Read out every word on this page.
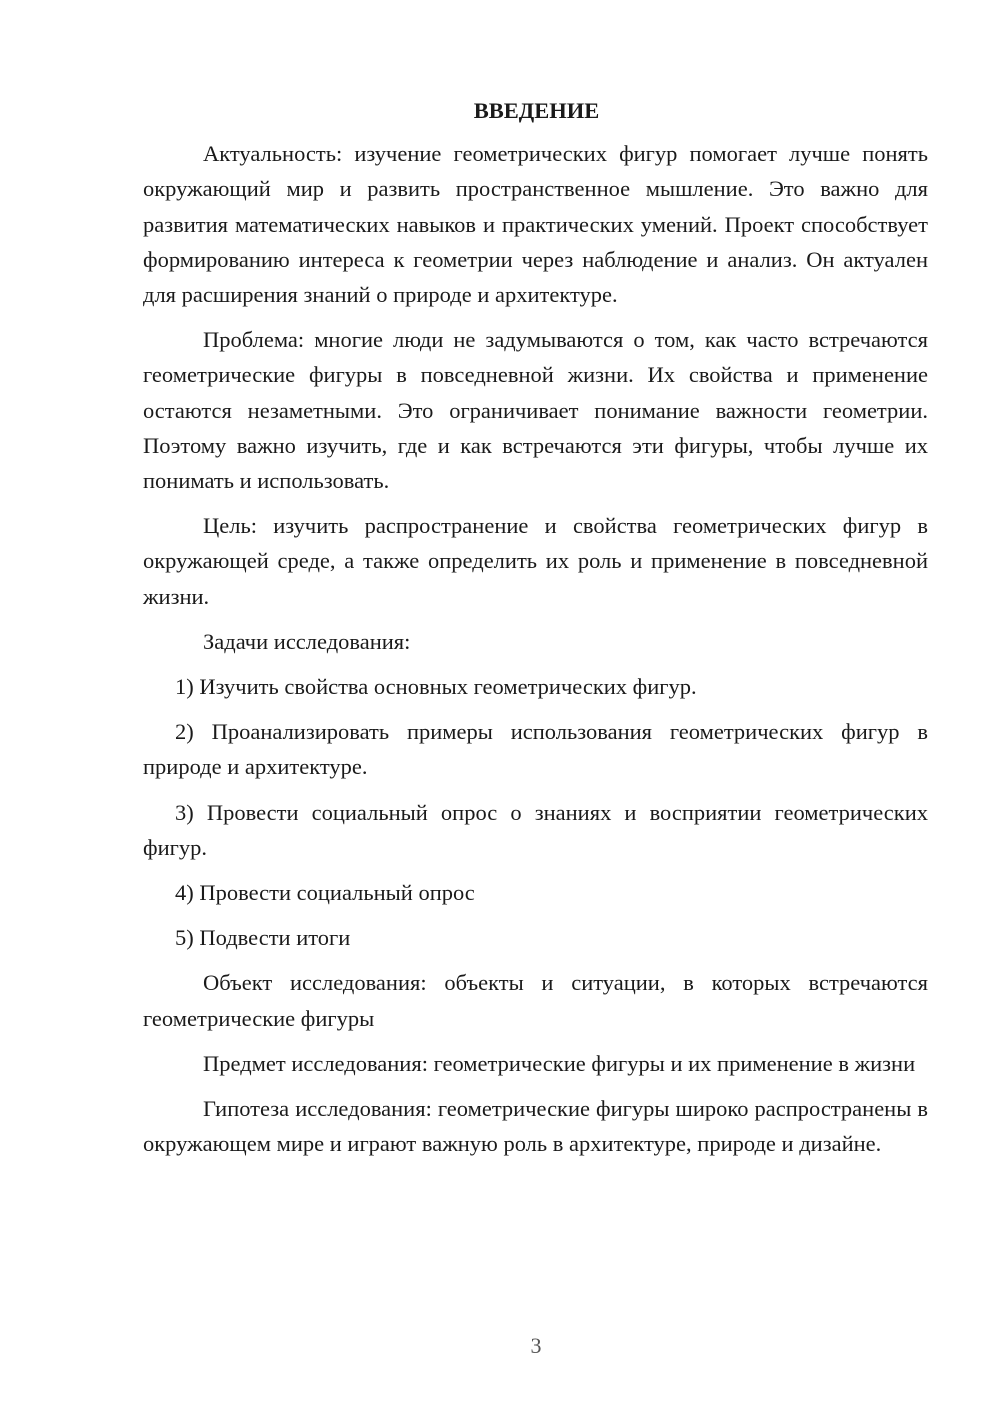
ВВЕДЕНИЕ

Актуальность: изучение геометрических фигур помогает лучше понять окружающий мир и развить пространственное мышление. Это важно для развития математических навыков и практических умений. Проект способствует формированию интереса к геометрии через наблюдение и анализ. Он актуален для расширения знаний о природе и архитектуре.

Проблема: многие люди не задумываются о том, как часто встречаются геометрические фигуры в повседневной жизни. Их свойства и применение остаются незаметными. Это ограничивает понимание важности геометрии. Поэтому важно изучить, где и как встречаются эти фигуры, чтобы лучше их понимать и использовать.

Цель: изучить распространение и свойства геометрических фигур в окружающей среде, а также определить их роль и применение в повседневной жизни.

Задачи исследования:

1) Изучить свойства основных геометрических фигур.

2) Проанализировать примеры использования геометрических фигур в природе и архитектуре.

3) Провести социальный опрос о знаниях и восприятии геометрических фигур.

4) Провести социальный опрос

5) Подвести итоги

Объект исследования: объекты и ситуации, в которых встречаются геометрические фигуры

Предмет исследования: геометрические фигуры и их применение в жизни

Гипотеза исследования: геометрические фигуры широко распространены в окружающем мире и играют важную роль в архитектуре, природе и дизайне.

3
